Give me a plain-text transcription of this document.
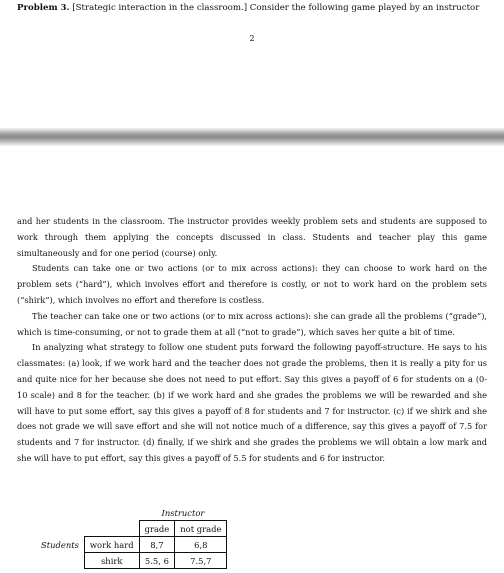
Problem 3. [Strategic interaction in the classroom.] Consider the following game played by an instructor
2

and her students in the classroom. The instructor provides weekly problem sets and students are supposed to work through them applying the concepts discussed in class. Students and teacher play this game simultaneously and for one period (course) only.

Students can take one or two actions (or to mix across actions): they can choose to work hard on the problem sets (“hard”), which involves effort and therefore is costly, or not to work hard on the problem sets (“shirk”), which involves no effort and therefore is costless.

The teacher can take one or two actions (or to mix across actions): she can grade all the problems (“grade”), which is time-consuming, or not to grade them at all (“not to grade”), which saves her quite a bit of time.

In analyzing what strategy to follow one student puts forward the following payoff-structure. He says to his classmates: (a) look, if we work hard and the teacher does not grade the problems, then it is really a pity for us and quite nice for her because she does not need to put effort. Say this gives a payoff of 6 for students on a (0-10 scale) and 8 for the teacher. (b) if we work hard and she grades the problems we will be rewarded and she will have to put some effort, say this gives a payoff of 8 for students and 7 for instructor. (c) if we shirk and she does not grade we will save effort and she will not notice much of a difference, say this gives a payoff of 7.5 for students and 7 for instructor. (d) finally, if we shirk and she grades the problems we will obtain a low mark and she will have to put effort, say this gives a payoff of 5.5 for students and 6 for instructor.

		Instructor	
		grade	not grade
Students	work hard	8,7	6,8
	shirk	5.5, 6	7.5,7
